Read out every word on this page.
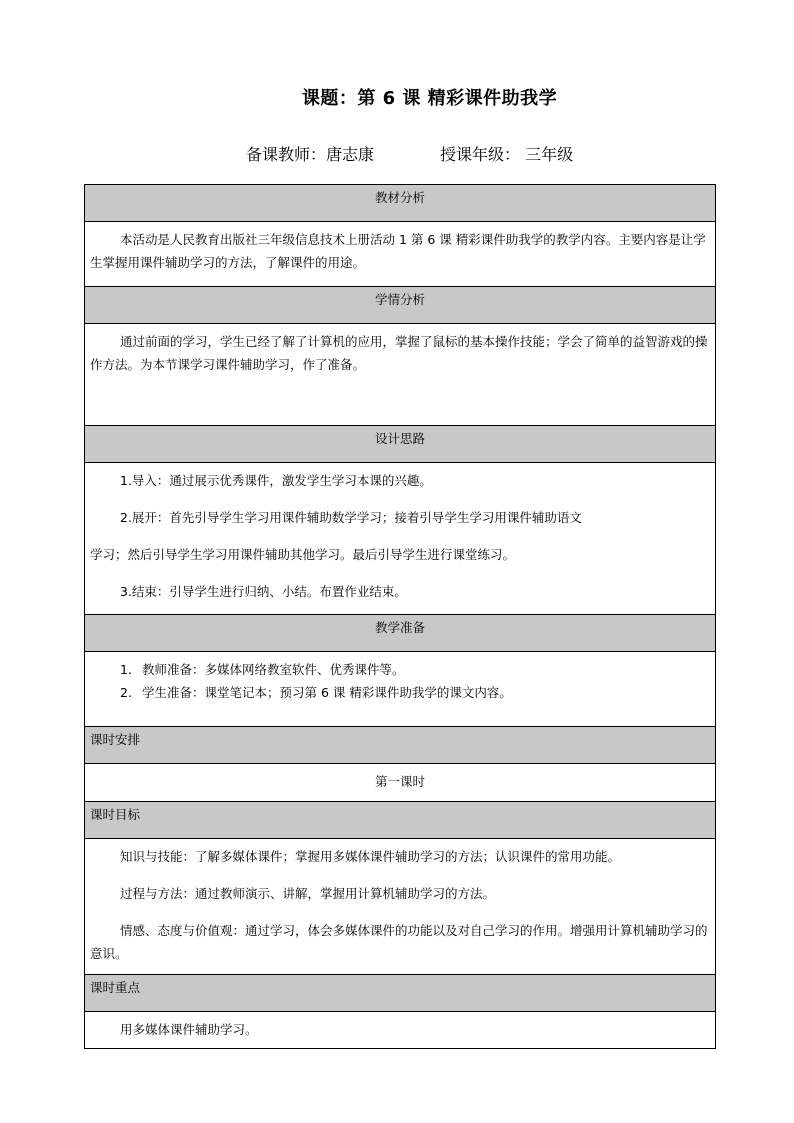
课题：第 6 课 精彩课件助我学
备课教师：唐志康	授课年级： 三年级
教材分析

本活动是人民教育出版社三年级信息技术上册活动 1 第 6 课 精彩课件助我学的教学内容。主要内容是让学生掌握用课件辅助学习的方法，了解课件的用途。

学情分析

通过前面的学习，学生已经了解了计算机的应用，掌握了鼠标的基本操作技能；学会了简单的益智游戏的操作方法。为本节课学习课件辅助学习，作了准备。

设计思路

1.导入：通过展示优秀课件，激发学生学习本课的兴趣。

2.展开：首先引导学生学习用课件辅助数学学习；接着引导学生学习用课件辅助语文

学习；然后引导学生学习用课件辅助其他学习。最后引导学生进行课堂练习。

3.结束：引导学生进行归纳、小结。布置作业结束。

教学准备

1. 教师准备：多媒体网络教室软件、优秀课件等。

2. 学生准备：课堂笔记本；预习第 6 课 精彩课件助我学的课文内容。

课时安排

第一课时

课时目标

知识与技能：了解多媒体课件；掌握用多媒体课件辅助学习的方法；认识课件的常用功能。

过程与方法：通过教师演示、讲解，掌握用计算机辅助学习的方法。

情感、态度与价值观：通过学习，体会多媒体课件的功能以及对自己学习的作用。增强用计算机辅助学习的意识。

课时重点

用多媒体课件辅助学习。
